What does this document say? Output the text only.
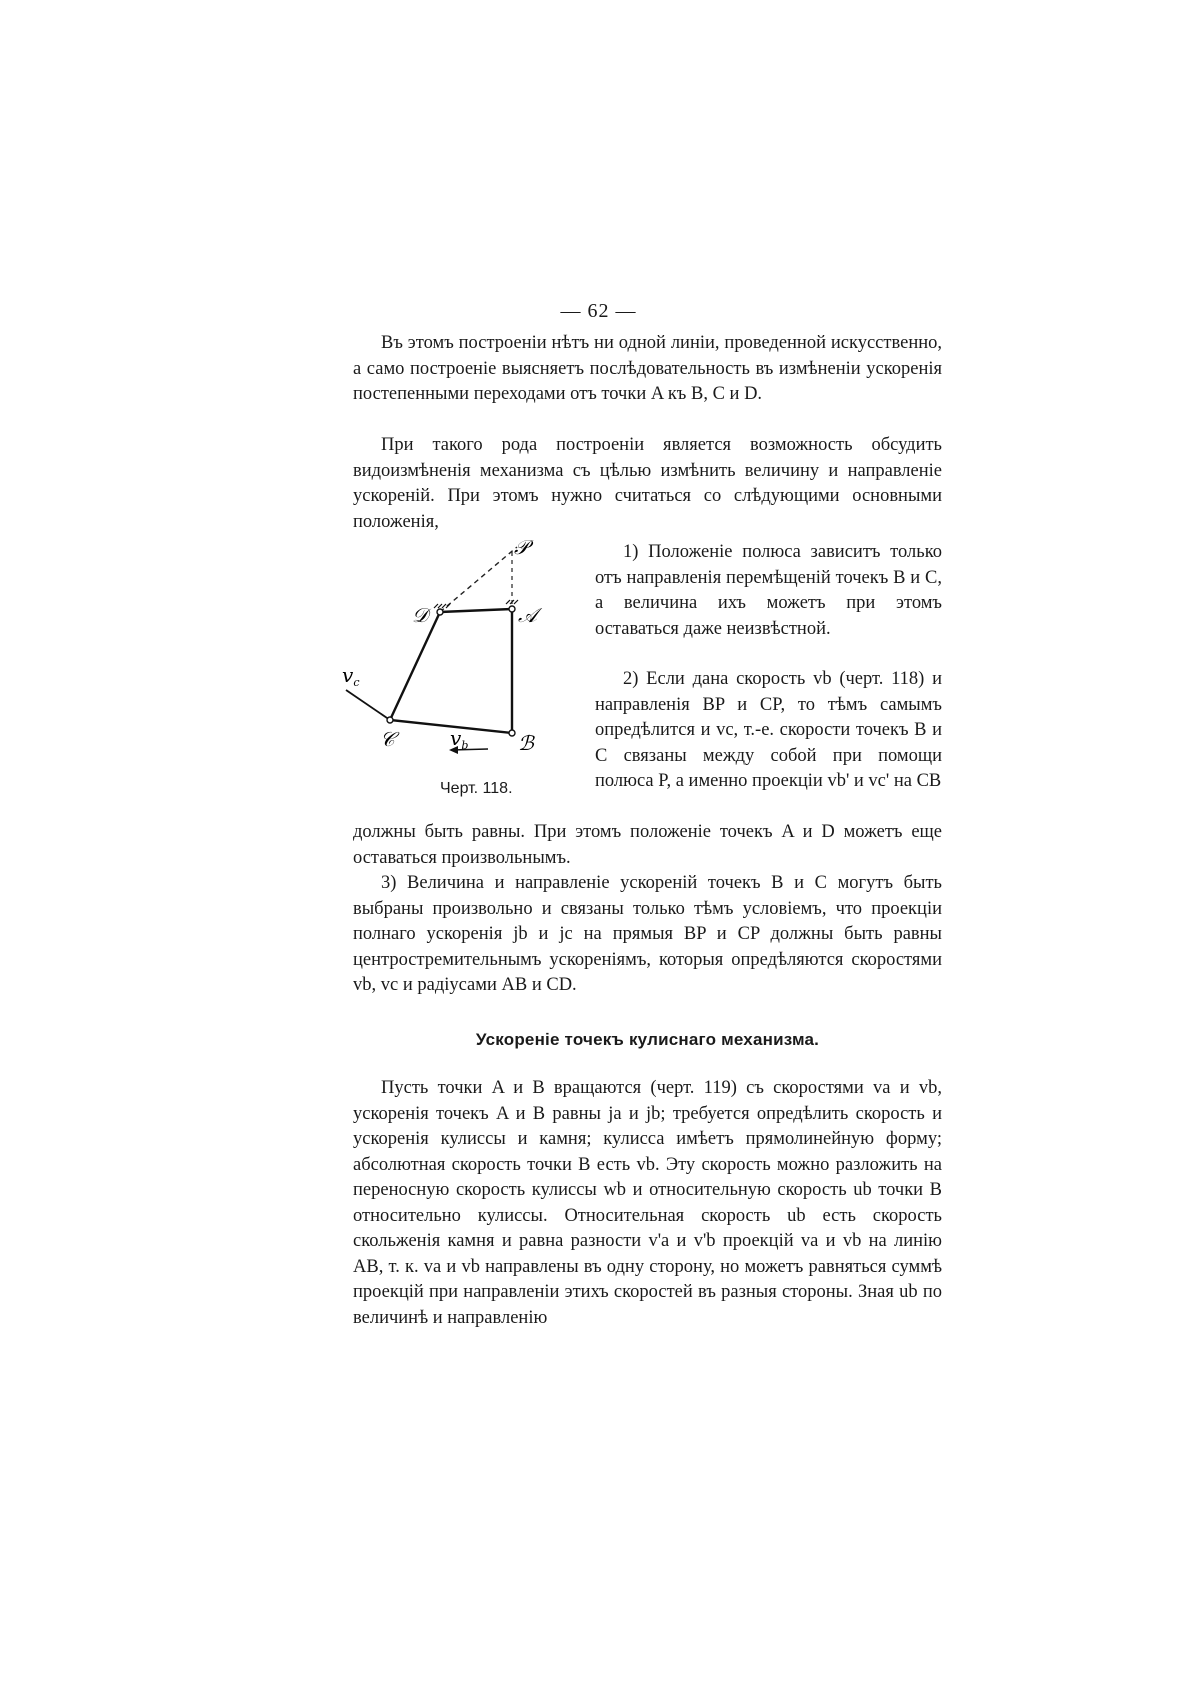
— 62 —
Въ этомъ построеніи нѣтъ ни одной линіи, проведенной искусственно, а само построеніе выясняетъ послѣдовательность въ измѣненіи ускоренія постепенными переходами отъ точки A къ B, C и D.
При такого рода построеніи является возможность обсудить видоизмѣненія механизма съ цѣлью измѣнить величину и направленіе ускореній. При этомъ нужно считаться со слѣдующими основными положенія,
𝒫
𝒜
𝒟
ℬ
𝒞
$v_c$
$v_b$
Черт. 118.
1) Положеніе полюса зависитъ только отъ направленія перемѣщеній точекъ B и C, а величина ихъ можетъ при этомъ оставаться даже неизвѣстной.
2) Если дана скорость vb (черт. 118) и направленія BP и CP, то тѣмъ самымъ опредѣлится и vc, т.-е. скорости точекъ B и C связаны между собой при помощи полюса P, а именно проекціи vb' и vc' на CB
должны быть равны. При этомъ положеніе точекъ A и D можетъ еще оставаться произвольнымъ.
3) Величина и направленіе ускореній точекъ B и C могутъ быть выбраны произвольно и связаны только тѣмъ условіемъ, что проекціи полнаго ускоренія jb и jc на прямыя BP и CP должны быть равны центростремительнымъ ускореніямъ, которыя опредѣляются скоростями vb, vc и радіусами AB и CD.
Ускореніе точекъ кулиснаго механизма.
Пусть точки A и B вращаются (черт. 119) съ скоростями va и vb, ускоренія точекъ A и B равны ja и jb; требуется опредѣлить скорость и ускоренія кулиссы и камня; кулисса имѣетъ прямолинейную форму; абсолютная скорость точки B есть vb. Эту скорость можно разложить на переносную скорость кулиссы wb и относительную скорость ub точки B относительно кулиссы. Относительная скорость ub есть скорость скольженія камня и равна разности v'a и v'b проекцій va и vb на линію AB, т. к. va и vb направлены въ одну сторону, но можетъ равняться суммѣ проекцій при направленіи этихъ скоростей въ разныя стороны. Зная ub по величинѣ и направленію
